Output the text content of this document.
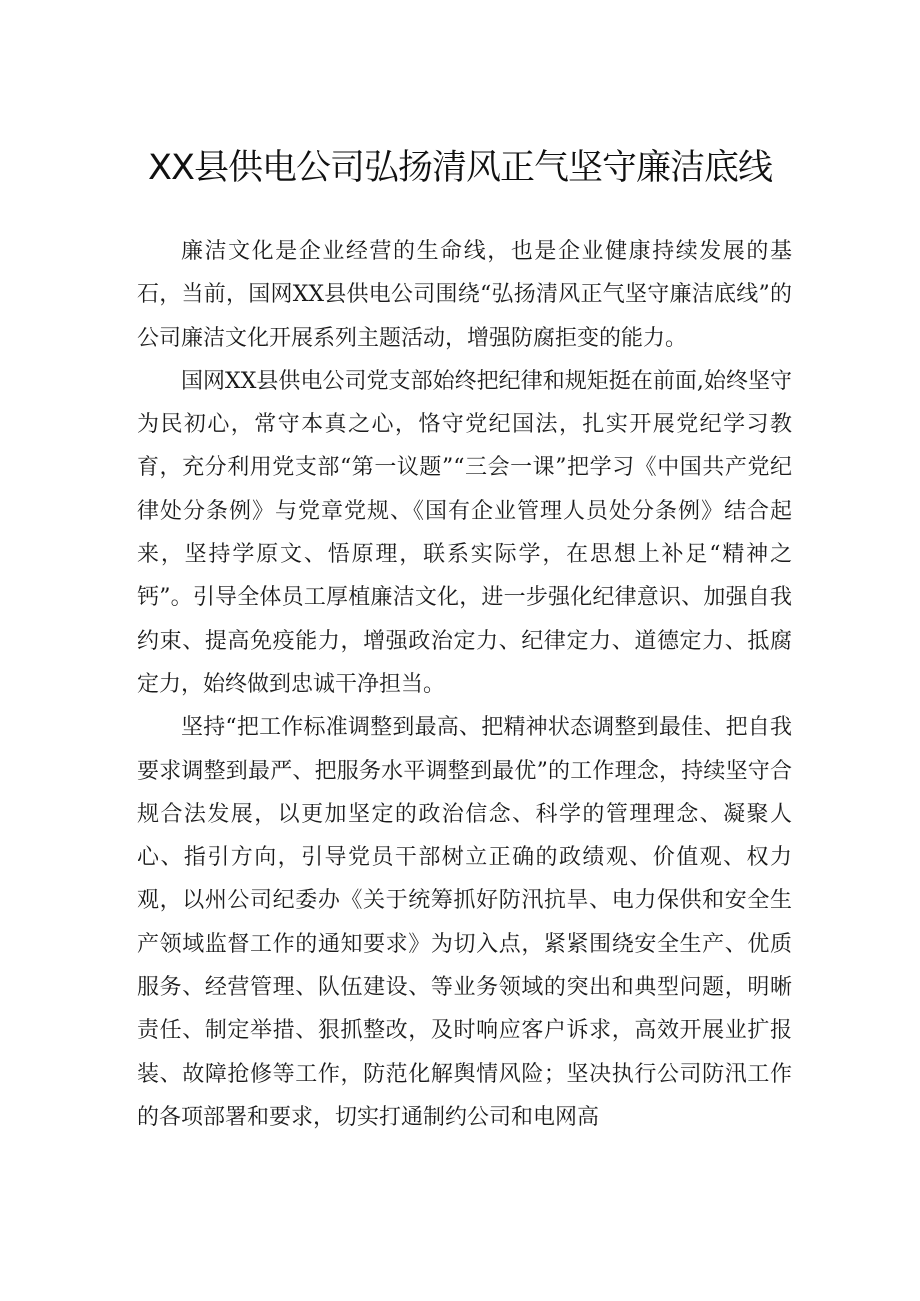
XX县供电公司弘扬清风正气坚守廉洁底线

廉洁文化是企业经营的生命线，也是企业健康持续发展的基石，当前，国网XX县供电公司围绕“弘扬清风正气坚守廉洁底线”的公司廉洁文化开展系列主题活动，增强防腐拒变的能力。

国网XX县供电公司党支部始终把纪律和规矩挺在前面,始终坚守为民初心，常守本真之心，恪守党纪国法，扎实开展党纪学习教育，充分利用党支部“第一议题”“三会一课”把学习《中国共产党纪律处分条例》与党章党规、《国有企业管理人员处分条例》结合起来，坚持学原文、悟原理，联系实际学，在思想上补足“精神之钙”。引导全体员工厚植廉洁文化，进一步强化纪律意识、加强自我约束、提高免疫能力，增强政治定力、纪律定力、道德定力、抵腐定力，始终做到忠诚干净担当。

坚持“把工作标准调整到最高、把精神状态调整到最佳、把自我要求调整到最严、把服务水平调整到最优”的工作理念，持续坚守合规合法发展，以更加坚定的政治信念、科学的管理理念、凝聚人心、指引方向，引导党员干部树立正确的政绩观、价值观、权力观，以州公司纪委办《关于统筹抓好防汛抗旱、电力保供和安全生产领域监督工作的通知要求》为切入点，紧紧围绕安全生产、优质服务、经营管理、队伍建设、等业务领域的突出和典型问题，明晰责任、制定举措、狠抓整改，及时响应客户诉求，高效开展业扩报装、故障抢修等工作，防范化解舆情风险；坚决执行公司防汛工作的各项部署和要求，切实打通制约公司和电网高
